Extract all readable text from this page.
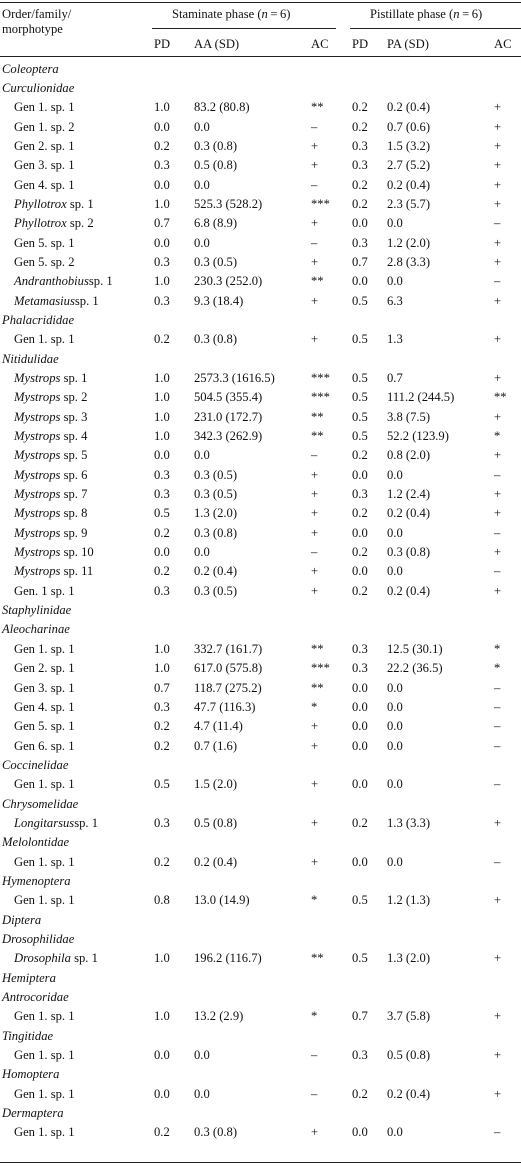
Order/family/
morphotype
Staminate phase (n = 6)	Pistillate phase (n = 6)
PD AA (SD)	AC PD PA (SD)	AC
Coleoptera
Curculionidae
Gen 1. sp. 1	1.0 83.2 (80.8)	** 0.2 0.2 (0.4)	+
Gen 1. sp. 2	0.0 0.0	–	0.2 0.7 (0.6)	+
Gen 2. sp. 1	0.2 0.3 (0.8)	+	0.3 1.5 (3.2)	+
Gen 3. sp. 1	0.3 0.5 (0.8)	+	0.3 2.7 (5.2)	+
Gen 4. sp. 1	0.0 0.0	–	0.2 0.2 (0.4)	+
Phyllotrox sp. 1	1.0 525.3 (528.2)	*** 0.2 2.3 (5.7)	+
Phyllotrox sp. 2	0.7 6.8 (8.9)	+	0.0 0.0	–
Gen 5. sp. 1	0.0 0.0	–	0.3 1.2 (2.0)	+
Gen 5. sp. 2	0.3 0.3 (0.5)	+	0.7 2.8 (3.3)	+
Andranthobiussp. 1	1.0 230.3 (252.0)	** 0.0 0.0	–
Metamasiussp. 1	0.3 9.3 (18.4)	+	0.5 6.3	+
Phalacrididae
Gen 1. sp. 1	0.2 0.3 (0.8)	+	0.5 1.3	+
Nitidulidae
Mystrops sp. 1	1.0 2573.3 (1616.5)	*** 0.5 0.7	+
Mystrops sp. 2	1.0 504.5 (355.4)	*** 0.5 111.2 (244.5)	**
Mystrops sp. 3	1.0 231.0 (172.7)	** 0.5 3.8 (7.5)	+
Mystrops sp. 4	1.0 342.3 (262.9)	** 0.5 52.2 (123.9)	*
Mystrops sp. 5	0.0 0.0	–	0.2 0.8 (2.0)	+
Mystrops sp. 6	0.3 0.3 (0.5)	+	0.0 0.0	–
Mystrops sp. 7	0.3 0.3 (0.5)	+	0.3 1.2 (2.4)	+
Mystrops sp. 8	0.5 1.3 (2.0)	+	0.2 0.2 (0.4)	+
Mystrops sp. 9	0.2 0.3 (0.8)	+	0.0 0.0	–
Mystrops sp. 10	0.0 0.0	–	0.2 0.3 (0.8)	+
Mystrops sp. 11	0.2 0.2 (0.4)	+	0.0 0.0	–
Gen. 1 sp. 1	0.3 0.3 (0.5)	+	0.2 0.2 (0.4)	+
Staphylinidae
Aleocharinae
Gen 1. sp. 1	1.0 332.7 (161.7)	** 0.3 12.5 (30.1)	*
Gen 2. sp. 1	1.0 617.0 (575.8)	*** 0.3 22.2 (36.5)	*
Gen 3. sp. 1	0.7 118.7 (275.2)	** 0.0 0.0	–
Gen 4. sp. 1	0.3 47.7 (116.3)	*	0.0 0.0	–
Gen 5. sp. 1	0.2 4.7 (11.4)	+	0.0 0.0	–
Gen 6. sp. 1	0.2 0.7 (1.6)	+	0.0 0.0	–
Coccinelidae
Gen 1. sp. 1	0.5 1.5 (2.0)	+	0.0 0.0	–
Chrysomelidae
Longitarsussp. 1	0.3 0.5 (0.8)	+	0.2 1.3 (3.3)	+
Melolontidae
Gen 1. sp. 1	0.2 0.2 (0.4)	+	0.0 0.0	–
Hymenoptera
Gen 1. sp. 1	0.8 13.0 (14.9)	*	0.5 1.2 (1.3)	+
Diptera
Drosophilidae
Drosophila sp. 1	1.0 196.2 (116.7)	** 0.5 1.3 (2.0)	+
Hemiptera
Antrocoridae
Gen 1. sp. 1	1.0 13.2 (2.9)	*	0.7 3.7 (5.8)	+
Tingitidae
Gen 1. sp. 1	0.0 0.0	–	0.3 0.5 (0.8)	+
Homoptera
Gen 1. sp. 1	0.0 0.0	–	0.2 0.2 (0.4)	+
Dermaptera
Gen 1. sp. 1	0.2 0.3 (0.8)	+	0.0 0.0	–
